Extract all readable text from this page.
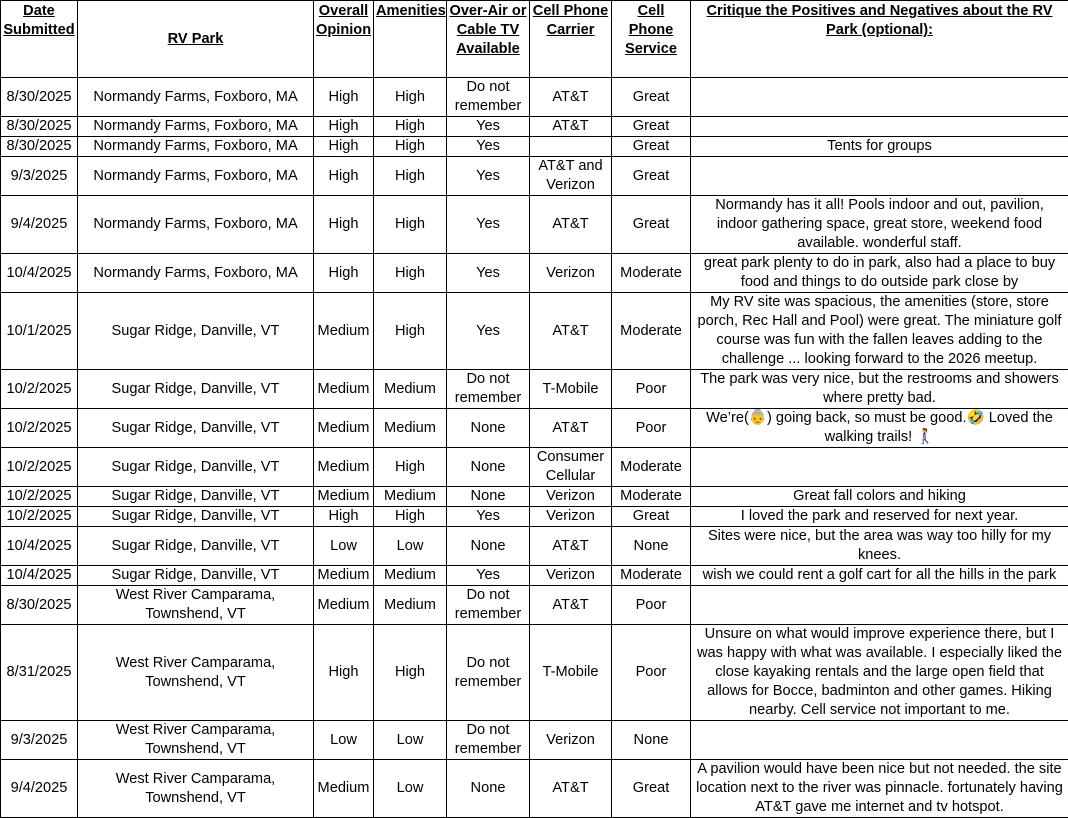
Date Submitted	RV Park	Overall Opinion	Amenities	Over-Air or Cable TV Available	Cell Phone Carrier	Cell Phone Service	Critique the Positives and Negatives about the RV Park (optional):
8/30/2025	Normandy Farms, Foxboro, MA	High	High	Do not remember	AT&T	Great	
8/30/2025	Normandy Farms, Foxboro, MA	High	High	Yes	AT&T	Great	
8/30/2025	Normandy Farms, Foxboro, MA	High	High	Yes		Great	Tents for groups
9/3/2025	Normandy Farms, Foxboro, MA	High	High	Yes	AT&T and Verizon	Great	
9/4/2025	Normandy Farms, Foxboro, MA	High	High	Yes	AT&T	Great	Normandy has it all! Pools indoor and out, pavilion, indoor gathering space, great store, weekend food available. wonderful staff.
10/4/2025	Normandy Farms, Foxboro, MA	High	High	Yes	Verizon	Moderate	great park plenty to do in park, also had a place to buy food and things to do outside park close by
10/1/2025	Sugar Ridge, Danville, VT	Medium	High	Yes	AT&T	Moderate	My RV site was spacious, the amenities (store, store porch, Rec Hall and Pool) were great. The miniature golf course was fun with the fallen leaves adding to the challenge ... looking forward to the 2026 meetup.
10/2/2025	Sugar Ridge, Danville, VT	Medium	Medium	Do not remember	T-Mobile	Poor	The park was very nice, but the restrooms and showers where pretty bad.
10/2/2025	Sugar Ridge, Danville, VT	Medium	Medium	None	AT&T	Poor	We’re(👵) going back, so must be good.🤣 Loved the walking trails! 🚶‍♀️
10/2/2025	Sugar Ridge, Danville, VT	Medium	High	None	Consumer Cellular	Moderate	
10/2/2025	Sugar Ridge, Danville, VT	Medium	Medium	None	Verizon	Moderate	Great fall colors and hiking
10/2/2025	Sugar Ridge, Danville, VT	High	High	Yes	Verizon	Great	I loved the park and reserved for next year.
10/4/2025	Sugar Ridge, Danville, VT	Low	Low	None	AT&T	None	Sites were nice, but the area was way too hilly for my knees.
10/4/2025	Sugar Ridge, Danville, VT	Medium	Medium	Yes	Verizon	Moderate	wish we could rent a golf cart for all the hills in the park
8/30/2025	West River Camparama, Townshend, VT	Medium	Medium	Do not remember	AT&T	Poor	
8/31/2025	West River Camparama, Townshend, VT	High	High	Do not remember	T-Mobile	Poor	Unsure on what would improve experience there, but I was happy with what was available. I especially liked the close kayaking rentals and the large open field that allows for Bocce, badminton and other games. Hiking nearby. Cell service not important to me.
9/3/2025	West River Camparama, Townshend, VT	Low	Low	Do not remember	Verizon	None	
9/4/2025	West River Camparama, Townshend, VT	Medium	Low	None	AT&T	Great	A pavilion would have been nice but not needed. the site location next to the river was pinnacle. fortunately having AT&T gave me internet and tv hotspot.
